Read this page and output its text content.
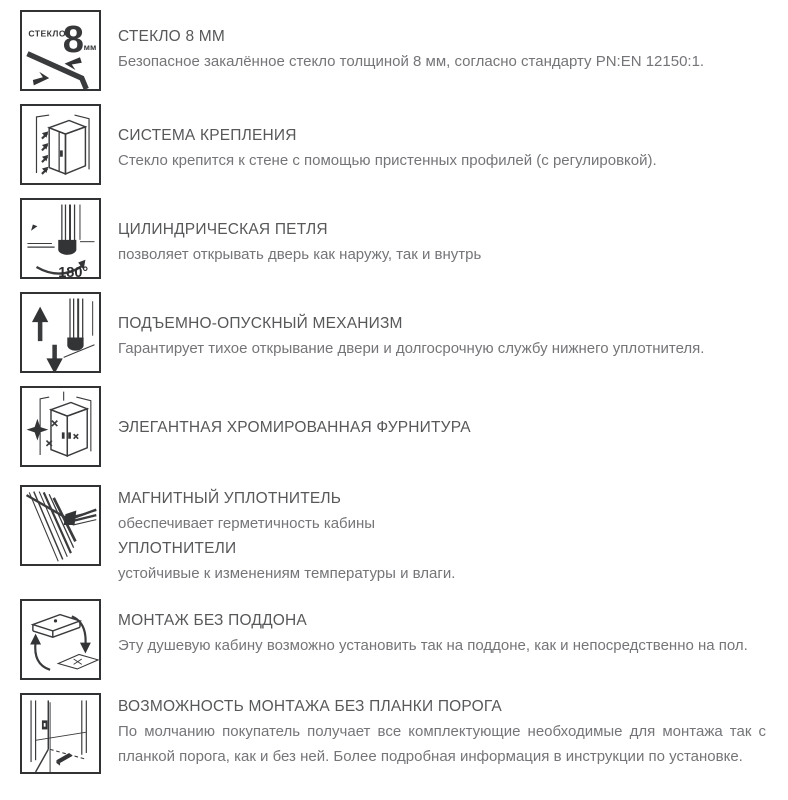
СТЕКЛО
8 мм
СТЕКЛО 8 ММ

Безопасное закалённое стекло толщиной 8 мм, согласно стандарту PN:EN 12150:1.

СИСТЕМА КРЕПЛЕНИЯ

Стекло крепится к стене с помощью пристенных профилей (с регулировкой).

180°
ЦИЛИНДРИЧЕСКАЯ ПЕТЛЯ

позволяет открывать дверь как наружу, так и внутрь

ПОДЪЕМНО-ОПУСКНЫЙ МЕХАНИЗМ

Гарантирует тихое открывание двери и долгосрочную службу нижнего уплотнителя.

ЭЛЕГАНТНАЯ ХРОМИРОВАННАЯ ФУРНИТУРА
МАГНИТНЫЙ УПЛОТНИТЕЛЬ

обеспечивает герметичность кабины

УПЛОТНИТЕЛИ

устойчивые к изменениям температуры и влаги.

МОНТАЖ БЕЗ ПОДДОНА

Эту душевую кабину возможно установить так на поддоне, как и непосредственно на пол.

ВОЗМОЖНОСТЬ МОНТАЖА БЕЗ ПЛАНКИ ПОРОГА

По молчанию покупатель получает все комплектующие необходимые для монтажа так с планкой порога, как и без ней. Более подробная информация в инструкции по установке.
